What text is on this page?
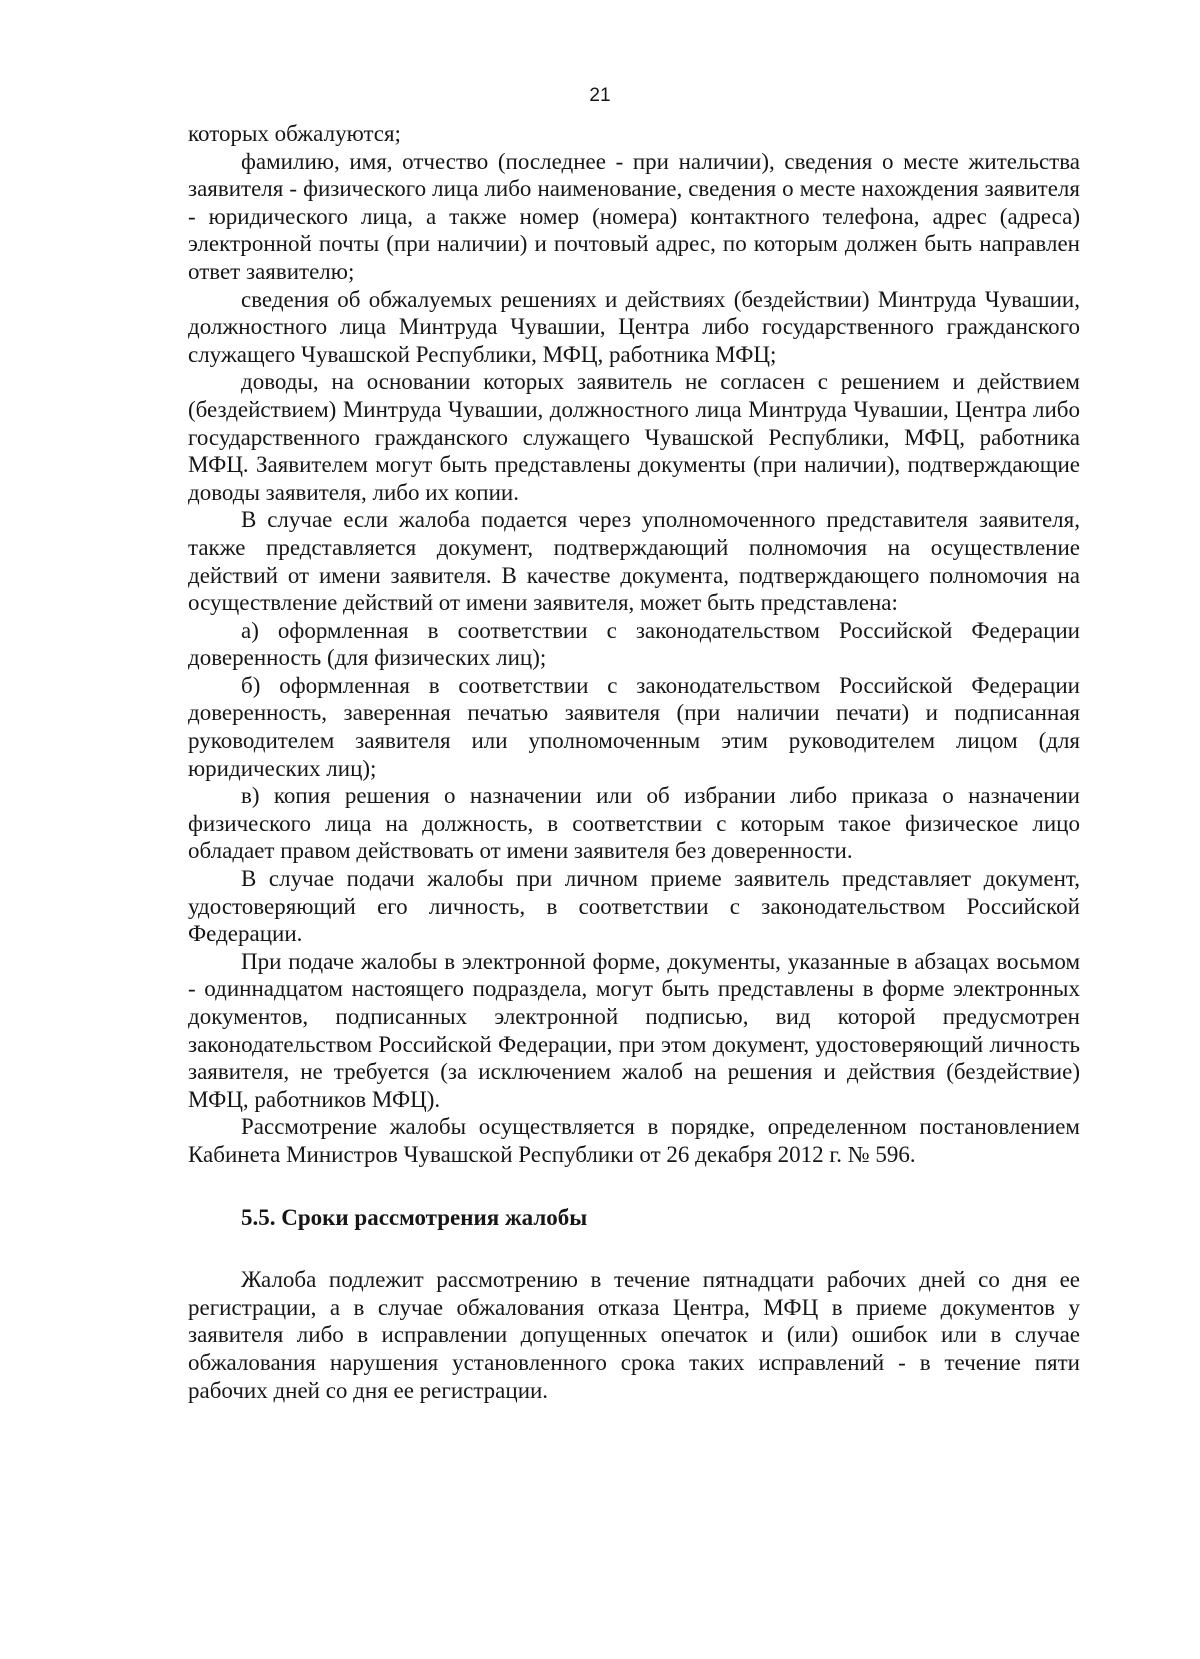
21

которых обжалуются;

фамилию, имя, отчество (последнее - при наличии), сведения о месте жительства заявителя - физического лица либо наименование, сведения о месте нахождения заявителя - юридического лица, а также номер (номера) контактного телефона, адрес (адреса) электронной почты (при наличии) и почтовый адрес, по которым должен быть направлен ответ заявителю;

сведения об обжалуемых решениях и действиях (бездействии) Минтруда Чувашии, должностного лица Минтруда Чувашии, Центра либо государственного гражданского служащего Чувашской Республики, МФЦ, работника МФЦ;

доводы, на основании которых заявитель не согласен с решением и действием (бездействием) Минтруда Чувашии, должностного лица Минтруда Чувашии, Центра либо государственного гражданского служащего Чувашской Республики, МФЦ, работника МФЦ. Заявителем могут быть представлены документы (при наличии), подтверждающие доводы заявителя, либо их копии.

В случае если жалоба подается через уполномоченного представителя заявителя, также представляется документ, подтверждающий полномочия на осуществление действий от имени заявителя. В качестве документа, подтверждающего полномочия на осуществление действий от имени заявителя, может быть представлена:

а) оформленная в соответствии с законодательством Российской Федерации доверенность (для физических лиц);

б) оформленная в соответствии с законодательством Российской Федерации доверенность, заверенная печатью заявителя (при наличии печати) и подписанная руководителем заявителя или уполномоченным этим руководителем лицом (для юридических лиц);

в) копия решения о назначении или об избрании либо приказа о назначении физического лица на должность, в соответствии с которым такое физическое лицо обладает правом действовать от имени заявителя без доверенности.

В случае подачи жалобы при личном приеме заявитель представляет документ, удостоверяющий его личность, в соответствии с законодательством Российской Федерации.

При подаче жалобы в электронной форме, документы, указанные в абзацах восьмом - одиннадцатом настоящего подраздела, могут быть представлены в форме электронных документов, подписанных электронной подписью, вид которой предусмотрен законодательством Российской Федерации, при этом документ, удостоверяющий личность заявителя, не требуется (за исключением жалоб на решения и действия (бездействие) МФЦ, работников МФЦ).

Рассмотрение жалобы осуществляется в порядке, определенном постановлением Кабинета Министров Чувашской Республики от 26 декабря 2012 г. № 596.

5.5. Сроки рассмотрения жалобы

Жалоба подлежит рассмотрению в течение пятнадцати рабочих дней со дня ее регистрации, а в случае обжалования отказа Центра, МФЦ в приеме документов у заявителя либо в исправлении допущенных опечаток и (или) ошибок или в случае обжалования нарушения установленного срока таких исправлений - в течение пяти рабочих дней со дня ее регистрации.
